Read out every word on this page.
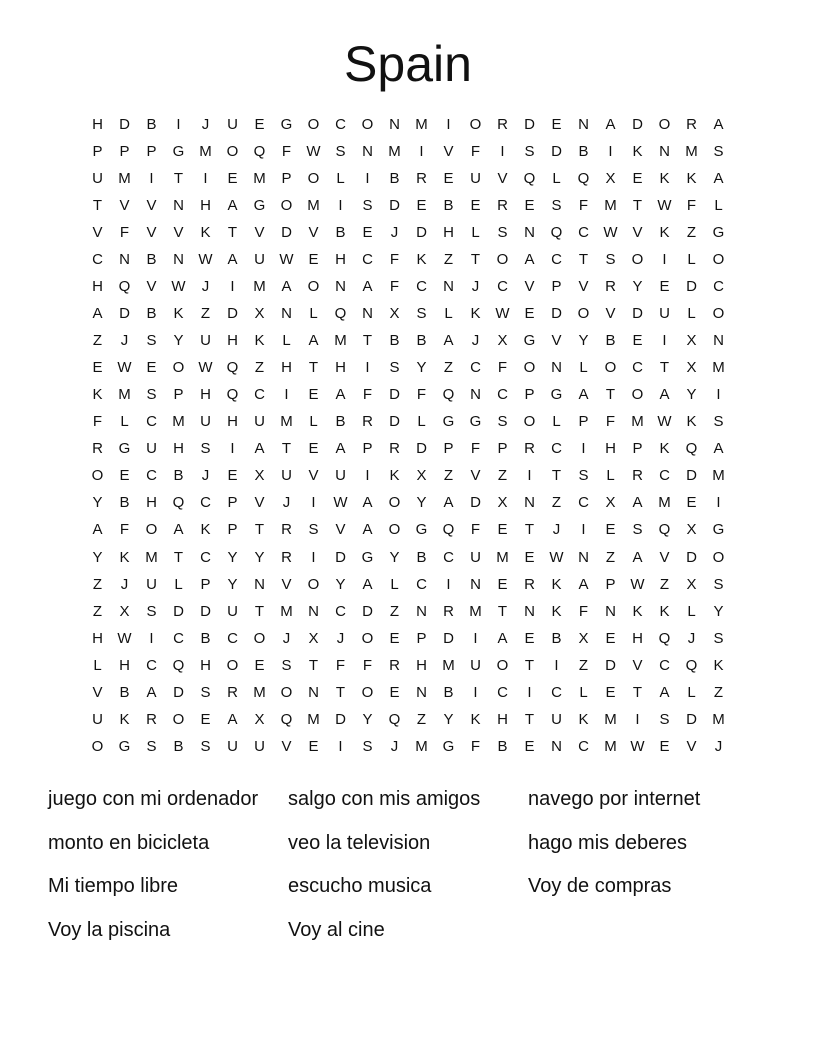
Spain
H	D	B	I	J	U	E	G	O	C	O	N	M	I	O	R	D	E	N	A	D	O	R	A
P	P	P	G M O	Q	F	W S	N	M	I	V	F	I	S	D	B	I	K	N	M	S
U	M	I	T	I	E	M	P	O	L	I	B	R	E	U	V	Q	L	Q	X	E	K	K	A
T	V	V	N	H	A	G	O M	I	S	D	E	B	E	R	E	S	F	M	T	W	F	L
V	F	V	V	K	T	V	D	V	B	E	J	D	H	L	S	N	Q	C W V	K	Z	G
C	N	B	N W A	U W E	H	C	F	K	Z	T	O	A	C	T	S	O	I	L	O
H	Q	V W	J	I	M	A	O	N	A	F	C	N	J	C	V	P	V	R	Y	E	D	C
A	D	B	K	Z	D	X	N	L	Q	N	X	S	L	K W E	D	O	V	D	U	L	O
Z	J	S	Y	U	H	K	L	A	M	T	B	B	A	J	X	G	V	Y	B	E	I	X	N
E W E	O W Q	Z	H	T	H	I	S	Y	Z	C	F	O	N	L	O	C	T	X	M
K	M	S	P	H	Q	C	I	E	A	F	D	F	Q	N	C	P	G	A	T	O	A	Y	I
F	L	C	M	U	H	U	M	L	B	R	D	L	G	G	S	O	L	P	F	M W K	S
R	G	U	H	S	I	A	T	E	A	P	R	D	P	F	P	R	C	I	H	P	K	Q	A
O	E	C	B	J	E	X	U	V	U	I	K	X	Z	V	Z	I	T	S	L	R	C	D	M
Y	B	H	Q	C	P	V	J	I	W A	O	Y	A	D	X	N	Z	C	X	A	M	E	I
A	F	O	A	K	P	T	R	S	V	A	O	G	Q	F	E	T	J	I	E	S	Q	X	G
Y	K	M	T	C	Y	Y	R	I	D	G	Y	B	C	U	M	E W N	Z	A	V	D	O
Z	J	U	L	P	Y	N	V	O	Y	A	L	C	I	N	E	R	K	A	P W	Z	X	S
Z	X	S	D	D	U	T	M	N	C	D	Z	N	R	M	T	N	K	F	N	K	K	L	Y
H W	I	C	B	C	O	J	X	J	O	E	P	D	I	A	E	B	X	E	H	Q	J	S
L	H	C	Q	H	O	E	S	T	F	F	R	H	M	U	O	T	I	Z	D	V	C	Q	K
V	B	A	D	S	R	M O	N	T	O	E	N	B	I	C	I	C	L	E	T	A	L	Z
U	K	R	O	E	A	X	Q M	D	Y	Q	Z	Y	K	H	T	U	K	M	I	S	D	M
O	G	S	B	S	U	U	V	E	I	S	J	M G	F	B	E	N	C	M W E	V	J
juego con mi ordenador	salgo con mis amigos	navego por internet
monto en bicicleta	veo la television	hago mis deberes
Mi tiempo libre	escucho musica	Voy de compras
Voy la piscina	Voy al cine
